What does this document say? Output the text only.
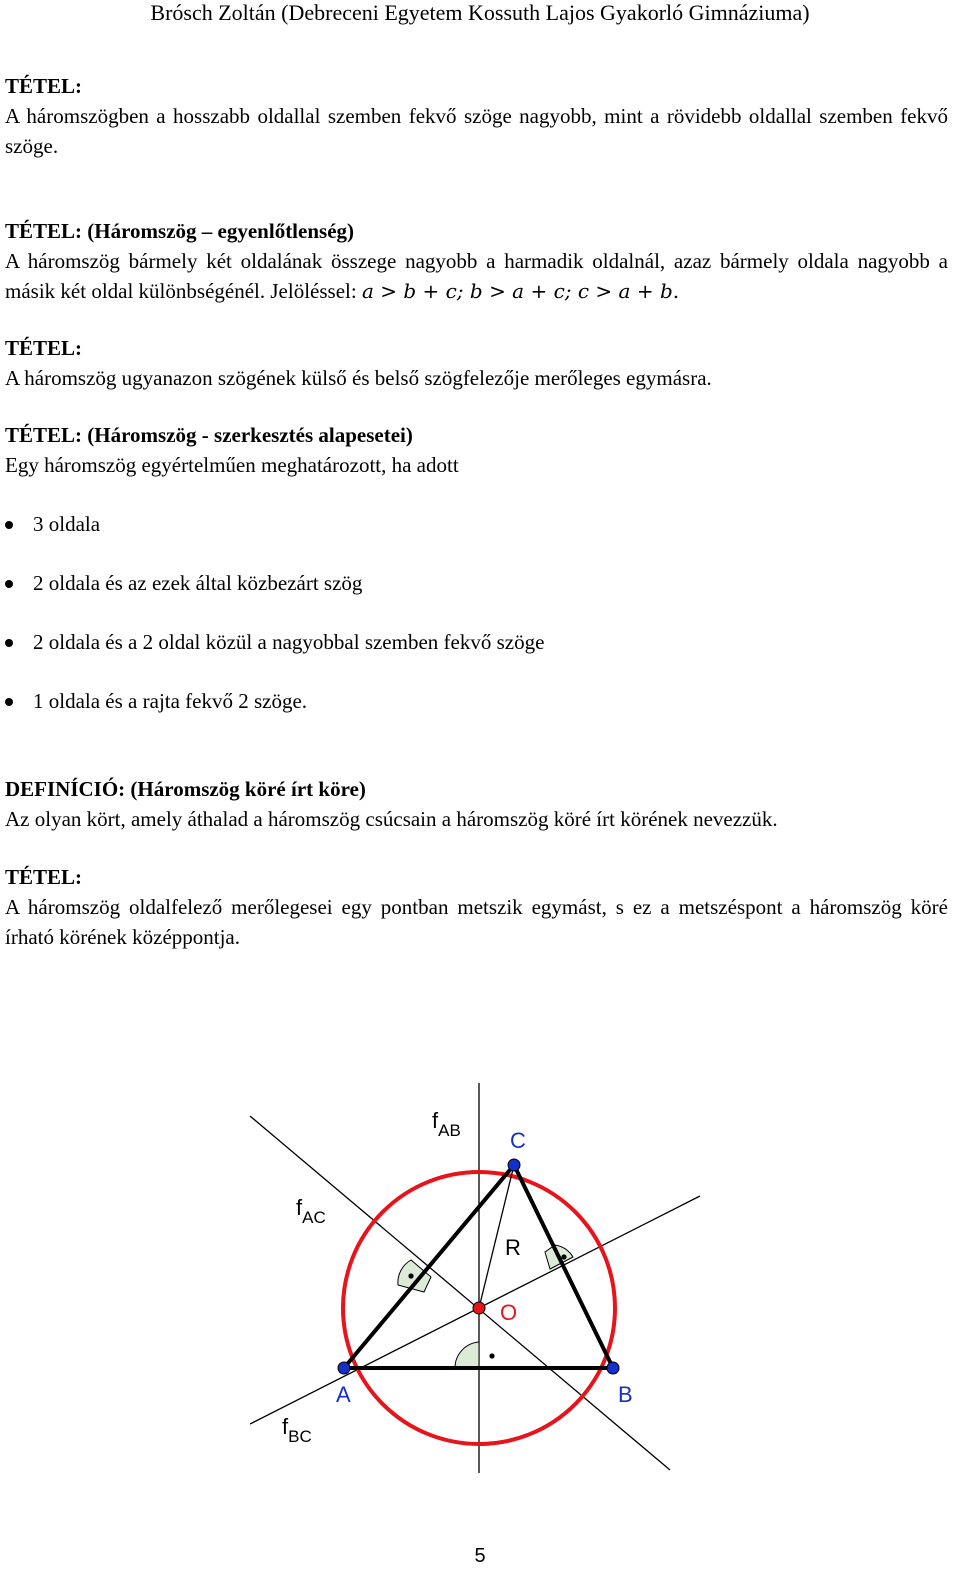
Brósch Zoltán (Debreceni Egyetem Kossuth Lajos Gyakorló Gimnáziuma)
TÉTEL:
A háromszögben a hosszabb oldallal szemben fekvő szöge nagyobb, mint a rövidebb oldallal szemben fekvő szöge.
TÉTEL: (Háromszög – egyenlőtlenség)
A háromszög bármely két oldalának összege nagyobb a harmadik oldalnál, azaz bármely oldala nagyobb a másik két oldal különbségénél. Jelöléssel: a > b + c; b > a + c; c > a + b.
TÉTEL:
A háromszög ugyanazon szögének külső és belső szögfelezője merőleges egymásra.
TÉTEL: (Háromszög - szerkesztés alapesetei)
Egy háromszög egyértelműen meghatározott, ha adott
3 oldala
2 oldala és az ezek által közbezárt szög
2 oldala és a 2 oldal közül a nagyobbal szemben fekvő szöge
1 oldala és a rajta fekvő 2 szöge.
DEFINÍCIÓ: (Háromszög köré írt köre)
Az olyan kört, amely áthalad a háromszög csúcsain a háromszög köré írt körének nevezzük.
TÉTEL:
A háromszög oldalfelező merőlegesei egy pontban metszik egymást, s ez a metszéspont a háromszög köré írható körének középpontja.
A	B
C
O
R
$f_{AB}$
$f_{AC}$
$f_{BC}$
5
